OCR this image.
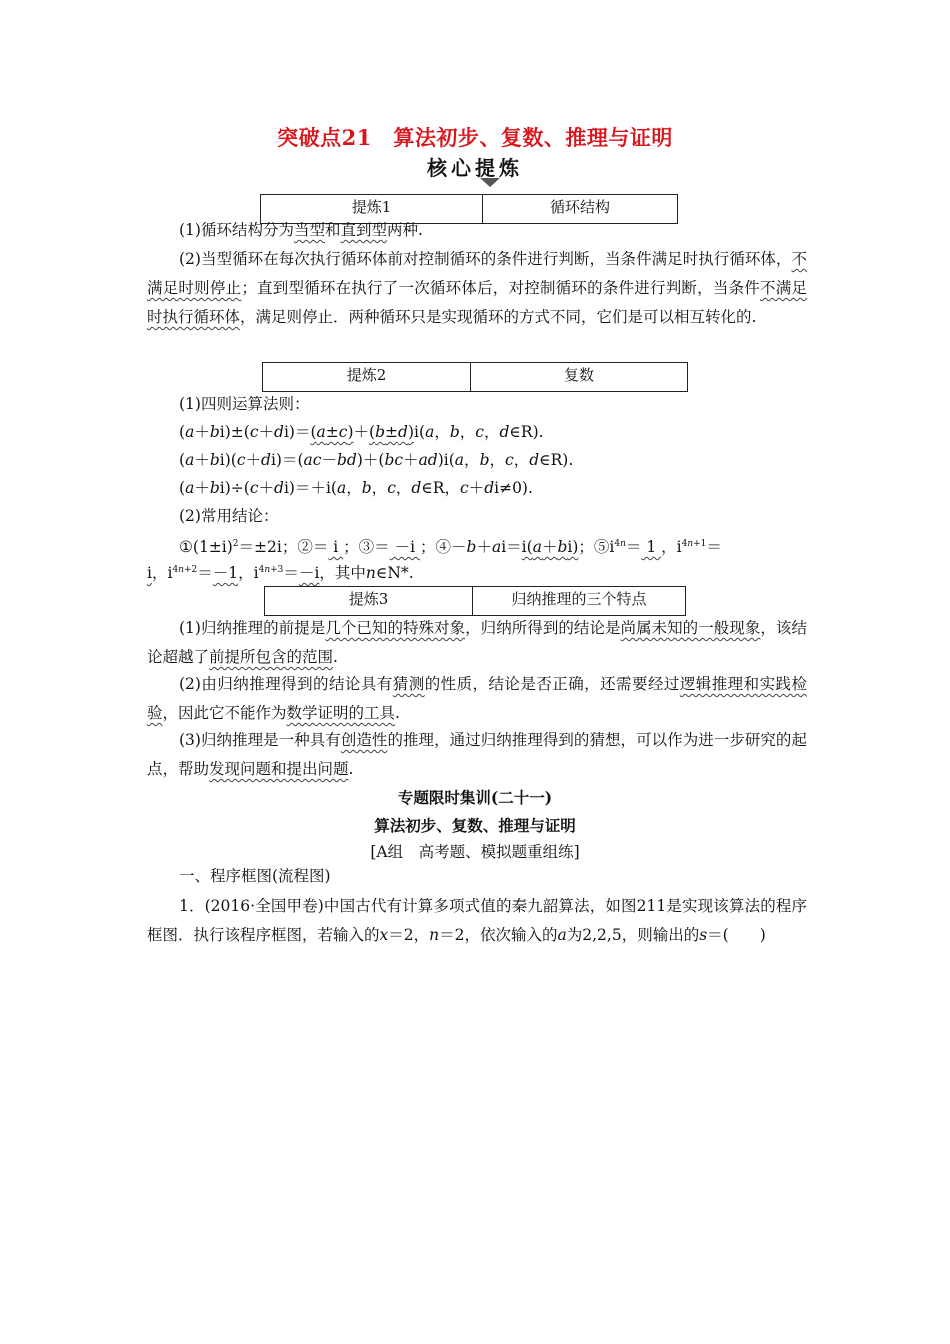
突破点21　算法初步、复数、推理与证明
核心提炼
提炼1	循环结构
(1)循环结构分为当型和直到型两种.
(2)当型循环在每次执行循环体前对控制循环的条件进行判断，当条件满足时执行循环体，不满足时则停止；直到型循环在执行了一次循环体后，对控制循环的条件进行判断，当条件不满足时执行循环体，满足则停止．两种循环只是实现循环的方式不同，它们是可以相互转化的.
提炼2	复数
(1)四则运算法则：
(a＋bi)±(c＋di)＝(a±c)＋(b±d)i(a，b，c，d∈R).
(a＋bi)(c＋di)＝(ac－bd)＋(bc＋ad)i(a，b，c，d∈R).
(a＋bi)÷(c＋di)＝＋i(a，b，c，d∈R，c＋di≠0).
(2)常用结论：
$①(1\pm i)^2=\pm 2i$；②＝ i ；③＝ －i ；④－b＋ai＝i(a＋bi)；$⑤i^{4n}= 1$ ，$i^{4n+1}=$
i，$i^{4n+2}=-1$，$i^{4n+3}=-i$，其中n∈N*.
提炼3	归纳推理的三个特点
(1)归纳推理的前提是几个已知的特殊对象，归纳所得到的结论是尚属未知的一般现象，该结论超越了前提所包含的范围.
(2)由归纳推理得到的结论具有猜测的性质，结论是否正确，还需要经过逻辑推理和实践检验，因此它不能作为数学证明的工具.
(3)归纳推理是一种具有创造性的推理，通过归纳推理得到的猜想，可以作为进一步研究的起点，帮助发现问题和提出问题.
专题限时集训(二十一)
算法初步、复数、推理与证明
[A组　高考题、模拟题重组练]
一、程序框图(流程图)
1．(2016·全国甲卷)中国古代有计算多项式值的秦九韶算法，如图211是实现该算法的程序框图．执行该程序框图，若输入的x＝2，n＝2，依次输入的a为2,2,5，则输出的s＝(　　)
